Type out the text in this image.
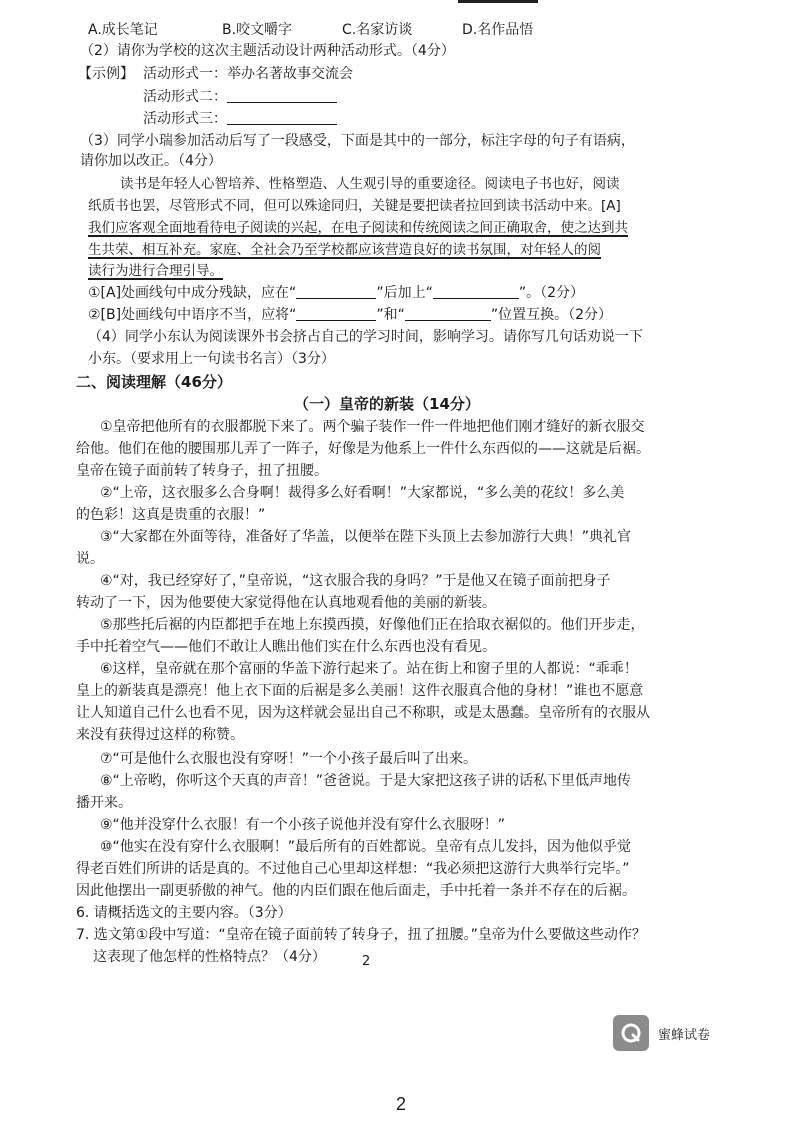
A.成长笔记	B.咬文嚼字	C.名家访谈	D.名作品悟
（2）请你为学校的这次主题活动设计两种活动形式。（4分）
【示例】 活动形式一：举办名著故事交流会
活动形式二：
活动形式三：
（3）同学小瑞参加活动后写了一段感受，下面是其中的一部分，标注字母的句子有语病，
请你加以改正。（4分）
读书是年轻人心智培养、性格塑造、人生观引导的重要途径。阅读电子书也好，阅读
纸质书也罢，尽管形式不同，但可以殊途同归，关键是要把读者拉回到读书活动中来。[A]
我们应客观全面地看待电子阅读的兴起，在电子阅读和传统阅读之间正确取舍，使之达到共
生共荣、相互补充。家庭、全社会乃至学校都应该营造良好的读书氛围，对年轻人的阅
读行为进行合理引导。
①[A]处画线句中成分残缺，应在“	”后加上“	”。（2分）
②[B]处画线句中语序不当，应将“	”和“	”位置互换。（2分）
（4）同学小东认为阅读课外书会挤占自己的学习时间，影响学习。请你写几句话劝说一下
小东。（要求用上一句读书名言）（3分）
二、阅读理解（46分）
（一）皇帝的新装（14分）
①皇帝把他所有的衣服都脱下来了。两个骗子装作一件一件地把他们刚才缝好的新衣服交
给他。他们在他的腰围那儿弄了一阵子，好像是为他系上一件什么东西似的——这就是后裾。
皇帝在镜子面前转了转身子，扭了扭腰。
②“上帝，这衣服多么合身啊！裁得多么好看啊！”大家都说，“多么美的花纹！多么美
的色彩！这真是贵重的衣服！”
③“大家都在外面等待，准备好了华盖，以便举在陛下头顶上去参加游行大典！”典礼官
说。
④“对，我已经穿好了，”皇帝说，“这衣服合我的身吗？”于是他又在镜子面前把身子
转动了一下，因为他要使大家觉得他在认真地观看他的美丽的新装。
⑤那些托后裾的内臣都把手在地上东摸西摸，好像他们正在拾取衣裾似的。他们开步走，
手中托着空气——他们不敢让人瞧出他们实在什么东西也没有看见。
⑥这样，皇帝就在那个富丽的华盖下游行起来了。站在街上和窗子里的人都说：“乖乖！
皇上的新装真是漂亮！他上衣下面的后裾是多么美丽！这件衣服真合他的身材！”谁也不愿意
让人知道自己什么也看不见，因为这样就会显出自己不称职，或是太愚蠢。皇帝所有的衣服从
来没有获得过这样的称赞。
⑦“可是他什么衣服也没有穿呀！”一个小孩子最后叫了出来。
⑧“上帝哟，你听这个天真的声音！”爸爸说。于是大家把这孩子讲的话私下里低声地传
播开来。
⑨“他并没穿什么衣服！有一个小孩子说他并没有穿什么衣服呀！”
⑩“他实在没有穿什么衣服啊！”最后所有的百姓都说。皇帝有点儿发抖，因为他似乎觉
得老百姓们所讲的话是真的。不过他自己心里却这样想：“我必须把这游行大典举行完毕。”
因此他摆出一副更骄傲的神气。他的内臣们跟在他后面走，手中托着一条并不存在的后裾。
6. 请概括选文的主要内容。（3分）
7. 选文第①段中写道：“皇帝在镜子面前转了转身子，扭了扭腰。”皇帝为什么要做这些动作？
这表现了他怎样的性格特点？（4分）	2
蜜蜂试卷
2
